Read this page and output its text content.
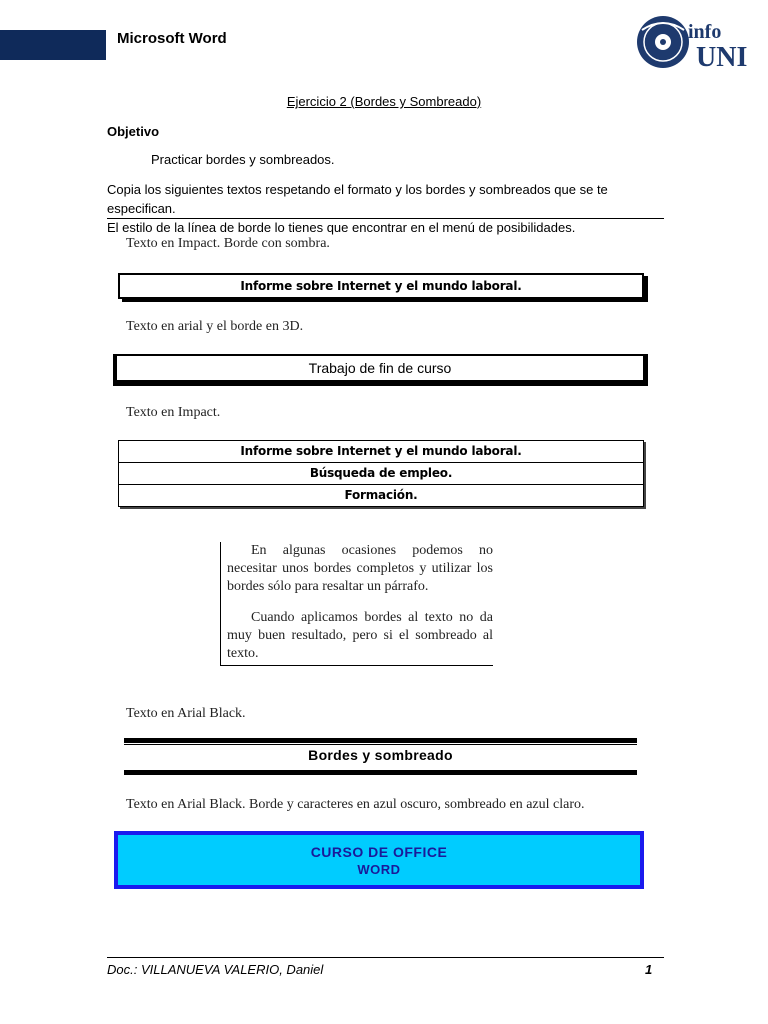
Microsoft Word	info
UNI
Ejercicio 2 (Bordes y Sombreado)
Objetivo
Practicar bordes y sombreados.
Copia los siguientes textos respetando el formato y los bordes y sombreados que se te especifican.
El estilo de la línea de borde lo tienes que encontrar en el menú de posibilidades.
Texto en Impact. Borde con sombra.
Informe sobre Internet y el mundo laboral.
Texto en arial y el borde en 3D.
Trabajo de fin de curso
Texto en Impact.
Informe sobre Internet y el mundo laboral.
Búsqueda de empleo.
Formación.

En algunas ocasiones podemos no necesitar unos bordes completos y utilizar los bordes sólo para resaltar un párrafo.

Cuando aplicamos bordes al texto no da muy buen resultado, pero si el sombreado al texto.

Texto en Arial Black.
Bordes y sombreado
Texto en Arial Black. Borde y caracteres en azul oscuro, sombreado en azul claro.
CURSO DE OFFICE
WORD
Doc.: VILLANUEVA VALERIO, Daniel	1
